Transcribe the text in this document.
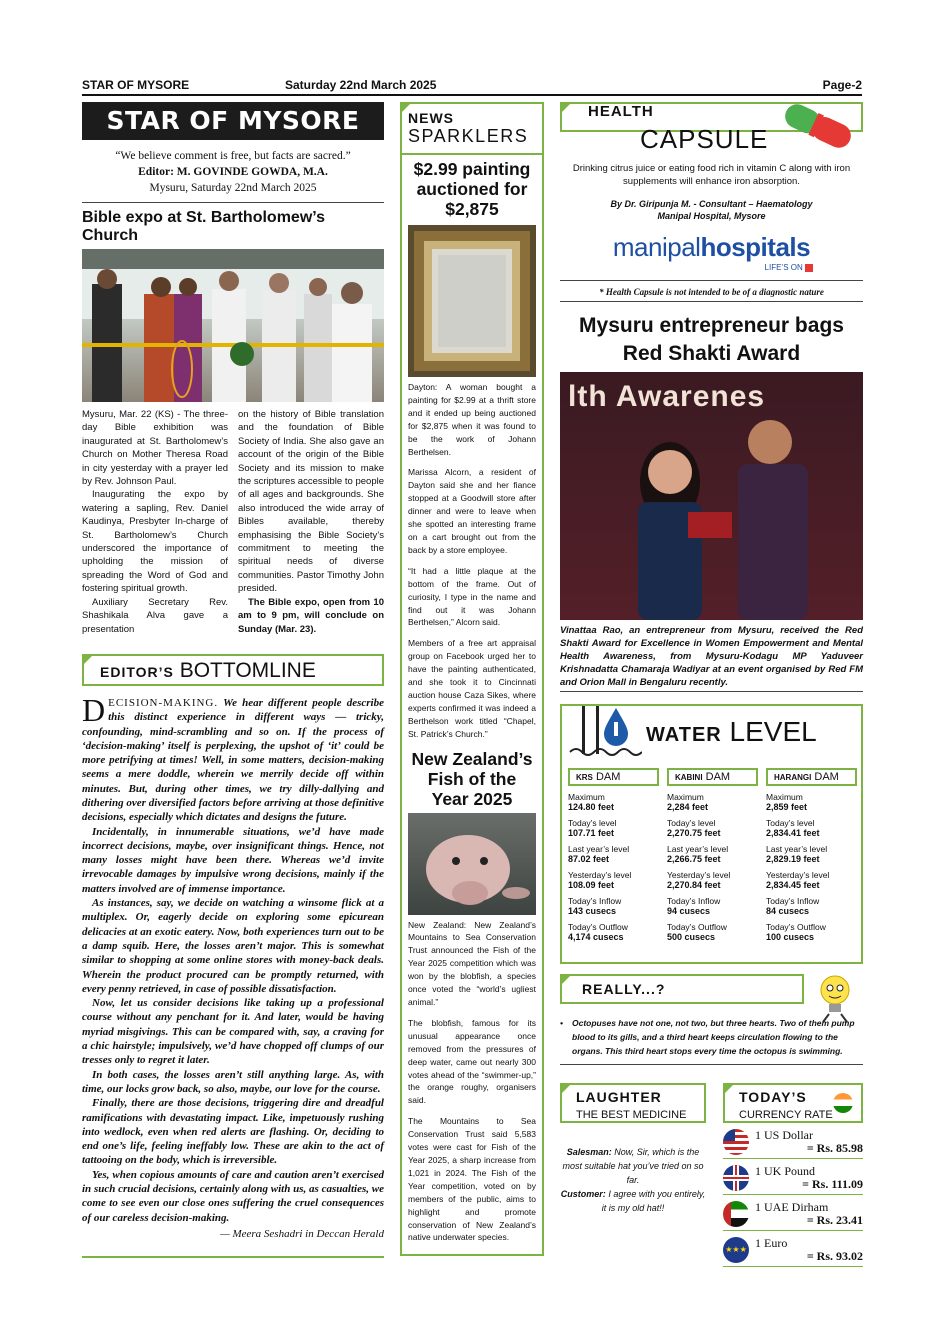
STAR OF MYSORE	Saturday 22nd March 2025	Page-2
STAR OF MYSORE
“We believe comment is free, but facts are sacred.”
Editor: M. GOVINDE GOWDA, M.A.
Mysuru, Saturday 22nd March 2025
Bible expo at St. Bartholomew’s Church

Mysuru, Mar. 22 (KS) - The three-day Bible exhibition was inaugurated at St. Bartholomew’s Church on Mother Theresa Road in city yesterday with a prayer led by Rev. Johnson Paul.

Inaugurating the expo by watering a sapling, Rev. Daniel Kaudinya, Presbyter In-charge of St. Bartholomew’s Church underscored the importance of upholding the mission of spreading the Word of God and fostering spiritual growth.

Auxiliary Secretary Rev. Shashikala Alva gave a presentation

on the history of Bible translation and the foundation of Bible Society of India. She also gave an account of the origin of the Bible Society and its mission to make the scriptures accessible to people of all ages and backgrounds. She also introduced the wide array of Bibles available, thereby emphasising the Bible Society’s commitment to meeting the spiritual needs of diverse communities. Pastor Timothy John presided.

The Bible expo, open from 10 am to 9 pm, will conclude on Sunday (Mar. 23).

EDITOR’S BOTTOMLINE

DECISION-MAKING. We hear different people describe this distinct experience in different ways — tricky, confounding, mind-scrambling and so on. If the process of ‘decision-making’ itself is perplexing, the upshot of ‘it’ could be more petrifying at times! Well, in some matters, decision-making seems a mere doddle, wherein we merrily decide off within minutes. But, during other times, we try dilly-dallying and dithering over diversified factors before arriving at those definitive decisions, especially which dictates and designs the future.

Incidentally, in innumerable situations, we’d have made incorrect decisions, maybe, over insignificant things. Hence, not many losses might have been there. Whereas we’d invite irrevocable damages by impulsive wrong decisions, mainly if the matters involved are of immense importance.

As instances, say, we decide on watching a winsome flick at a multiplex. Or, eagerly decide on exploring some epicurean delicacies at an exotic eatery. Now, both experiences turn out to be a damp squib. Here, the losses aren’t major. This is somewhat similar to shopping at some online stores with money-back deals. Wherein the product procured can be promptly returned, with every penny retrieved, in case of possible dissatisfaction.

Now, let us consider decisions like taking up a professional course without any penchant for it. And later, would be having myriad misgivings. This can be compared with, say, a craving for a chic hairstyle; impulsively, we’d have chopped off clumps of our tresses only to regret it later.

In both cases, the losses aren’t still anything large. As, with time, our locks grow back, so also, maybe, our love for the course.

Finally, there are those decisions, triggering dire and dreadful ramifications with devastating impact. Like, impetuously rushing into wedlock, even when red alerts are flashing. Or, deciding to end one’s life, feeling ineffably low. These are akin to the act of tattooing on the body, which is irreversible.

Yes, when copious amounts of care and caution aren’t exercised in such crucial decisions, certainly along with us, as casualties, we come to see even our close ones suffering the cruel consequences of our careless decision-making.

— Meera Seshadri in Deccan Herald
NEWS
SPARKLERS
$2.99 painting auctioned for $2,875

Dayton: A woman bought a painting for $2.99 at a thrift store and it ended up being auctioned for $2,875 when it was found to be the work of Johann Berthelsen.

Marissa Alcorn, a resident of Dayton said she and her fiance stopped at a Goodwill store after dinner and were to leave when she spotted an interesting frame on a cart brought out from the back by a store employee.

“It had a little plaque at the bottom of the frame. Out of curiosity, I type in the name and find out it was Johann Berthelsen,” Alcorn said.

Members of a free art appraisal group on Facebook urged her to have the painting authenticated, and she took it to Cincinnati auction house Caza Sikes, where experts confirmed it was indeed a Berthelson work titled “Chapel, St. Patrick’s Church.”

New Zealand’s Fish of the Year 2025

New Zealand: New Zealand’s Mountains to Sea Conservation Trust announced the Fish of the Year 2025 competition which was won by the blobfish, a species once voted the “world’s ugliest animal.”

The blobfish, famous for its unusual appearance once removed from the pressures of deep water, came out nearly 300 votes ahead of the “swimmer-up,” the orange roughy, organisers said.

The Mountains to Sea Conservation Trust said 5,583 votes were cast for Fish of the Year 2025, a sharp increase from 1,021 in 2024. The Fish of the Year competition, voted on by members of the public, aims to highlight and promote conservation of New Zealand’s native underwater species.

HEALTH
CAPSULE
Drinking citrus juice or eating food rich in vitamin C along with iron supplements will enhance iron absorption.
By Dr. Giripunja M. - Consultant – Haematology
Manipal Hospital, Mysore
manipalhospitals
LIFE’S ON
* Health Capsule is not intended to be of a diagnostic nature
Mysuru entrepreneur bags Red Shakti Award
lth Awarenes
Vinattaa Rao, an entrepreneur from Mysuru, received the Red Shakti Award for Excellence in Women Empowerment and Mental Health Awareness, from Mysuru-Kodagu MP Yaduveer Krishnadatta Chamaraja Wadiyar at an event organised by Red FM and Orion Mall in Bengaluru recently.
WATER LEVEL
KRS DAM
Maximum
124.80 feet
Today’s level
107.71 feet
Last year’s level
87.02 feet
Yesterday’s level
108.09 feet
Today’s Inflow
143 cusecs
Today’s Outflow
4,174 cusecs
KABINI DAM
Maximum
2,284 feet
Today’s level
2,270.75 feet
Last year’s level
2,266.75 feet
Yesterday’s level
2,270.84 feet
Today’s Inflow
94 cusecs
Today’s Outflow
500 cusecs
HARANGI DAM
Maximum
2,859 feet
Today’s level
2,834.41 feet
Last year’s level
2,829.19 feet
Yesterday’s level
2,834.45 feet
Today’s Inflow
84 cusecs
Today’s Outflow
100 cusecs
REALLY...?
• Octopuses have not one, not two, but three hearts. Two of them pump blood to its gills, and a third heart keeps circulation flowing to the organs. This third heart stops every time the octopus is swimming.
LAUGHTER
THE BEST MEDICINE
Salesman: Now, Sir, which is the most suitable hat you’ve tried on so far.
Customer: I agree with you entirely, it is my old hat!!
TODAY’S
CURRENCY RATE
1 US Dollar
= Rs. 85.98
1 UK Pound
= Rs. 111.09
1 UAE Dirham
= Rs. 23.41
★★★ 1 Euro
= Rs. 93.02
